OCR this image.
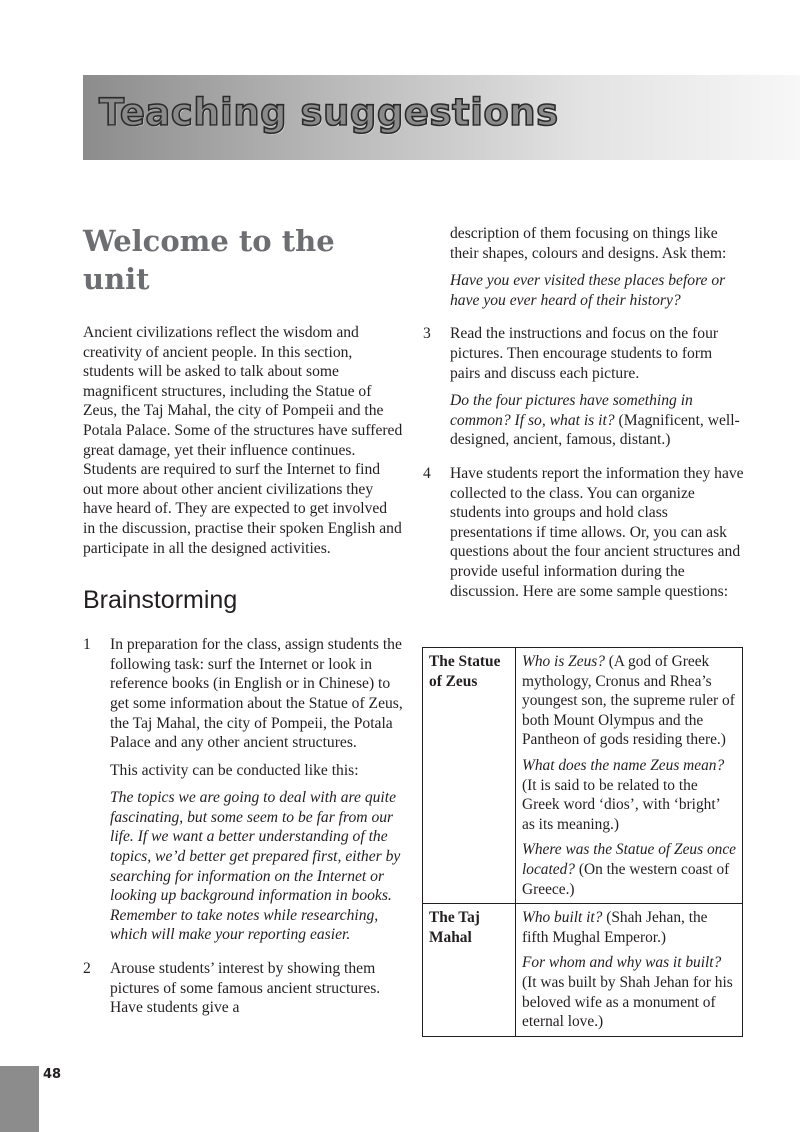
Teaching suggestions
Welcome to the unit

Ancient civilizations reflect the wisdom and creativity of ancient people. In this section, students will be asked to talk about some magnificent structures, including the Statue of Zeus, the Taj Mahal, the city of Pompeii and the Potala Palace. Some of the structures have suffered great damage, yet their influence continues. Students are required to surf the Internet to find out more about other ancient civilizations they have heard of. They are expected to get involved in the discussion, practise their spoken English and participate in all the designed activities.

Brainstorming
1 In preparation for the class, assign students the following task: surf the Internet or look in reference books (in English or in Chinese) to get some information about the Statue of Zeus, the Taj Mahal, the city of Pompeii, the Potala Palace and any other ancient structures.

This activity can be conducted like this:

The topics we are going to deal with are quite fascinating, but some seem to be far from our life. If we want a better understanding of the topics, we’d better get prepared first, either by searching for information on the Internet or looking up background information in books. Remember to take notes while researching, which will make your reporting easier.

2 Arouse students’ interest by showing them pictures of some famous ancient structures. Have students give a

description of them focusing on things like their shapes, colours and designs. Ask them:

Have you ever visited these places before or have you ever heard of their history?

3 Read the instructions and focus on the four pictures. Then encourage students to form pairs and discuss each picture.

Do the four pictures have something in common? If so, what is it? (Magnificent, well-designed, ancient, famous, distant.)

4 Have students report the information they have collected to the class. You can organize students into groups and hold class presentations if time allows. Or, you can ask questions about the four ancient structures and provide useful information during the discussion. Here are some sample questions:

The Statue of Zeus	Who is Zeus? (A god of Greek mythology, Cronus and Rhea’s youngest son, the supreme ruler of both Mount Olympus and the Pantheon of gods residing there.)

What does the name Zeus mean? (It is said to be related to the Greek word ‘dios’, with ‘bright’ as its meaning.)

Where was the Statue of Zeus once located? (On the western coast of Greece.)

The Taj Mahal	Who built it? (Shah Jehan, the fifth Mughal Emperor.)

For whom and why was it built? (It was built by Shah Jehan for his beloved wife as a monument of eternal love.)

48
